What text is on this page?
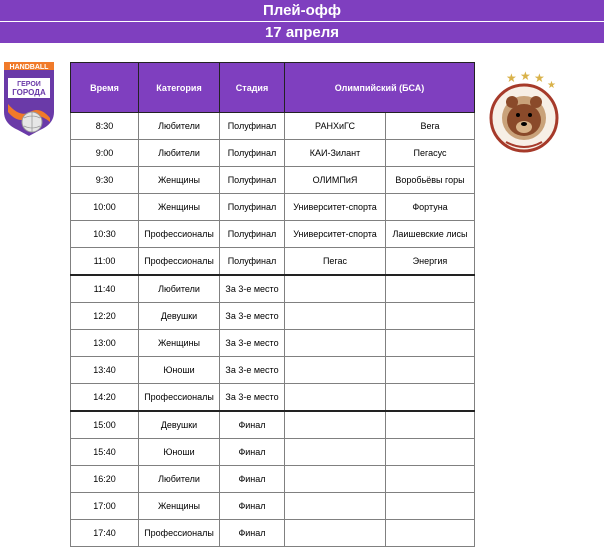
Плей-офф
17 апреля
HANDBALL
ГЕРОИ
ГОРОДА
★ ★ ★
★
Время	Категория	Стадия	Олимпийский (БСА)	
8:30	Любители	Полуфинал	РАНХиГС	Вега
9:00	Любители	Полуфинал	КАИ-Зилант	Пегасус
9:30	Женщины	Полуфинал	ОЛИМПиЯ	Воробьёвы горы
10:00	Женщины	Полуфинал	Университет-спорта	Фортуна
10:30	Профессионалы	Полуфинал	Университет-спорта	Лаишевские лисы
11:00	Профессионалы	Полуфинал	Пегас	Энергия
11:40	Любители	За 3-е место		
12:20	Девушки	За 3-е место		
13:00	Женщины	За 3-е место		
13:40	Юноши	За 3-е место		
14:20	Профессионалы	За 3-е место		
15:00	Девушки	Финал		
15:40	Юноши	Финал		
16:20	Любители	Финал		
17:00	Женщины	Финал		
17:40	Профессионалы	Финал		
